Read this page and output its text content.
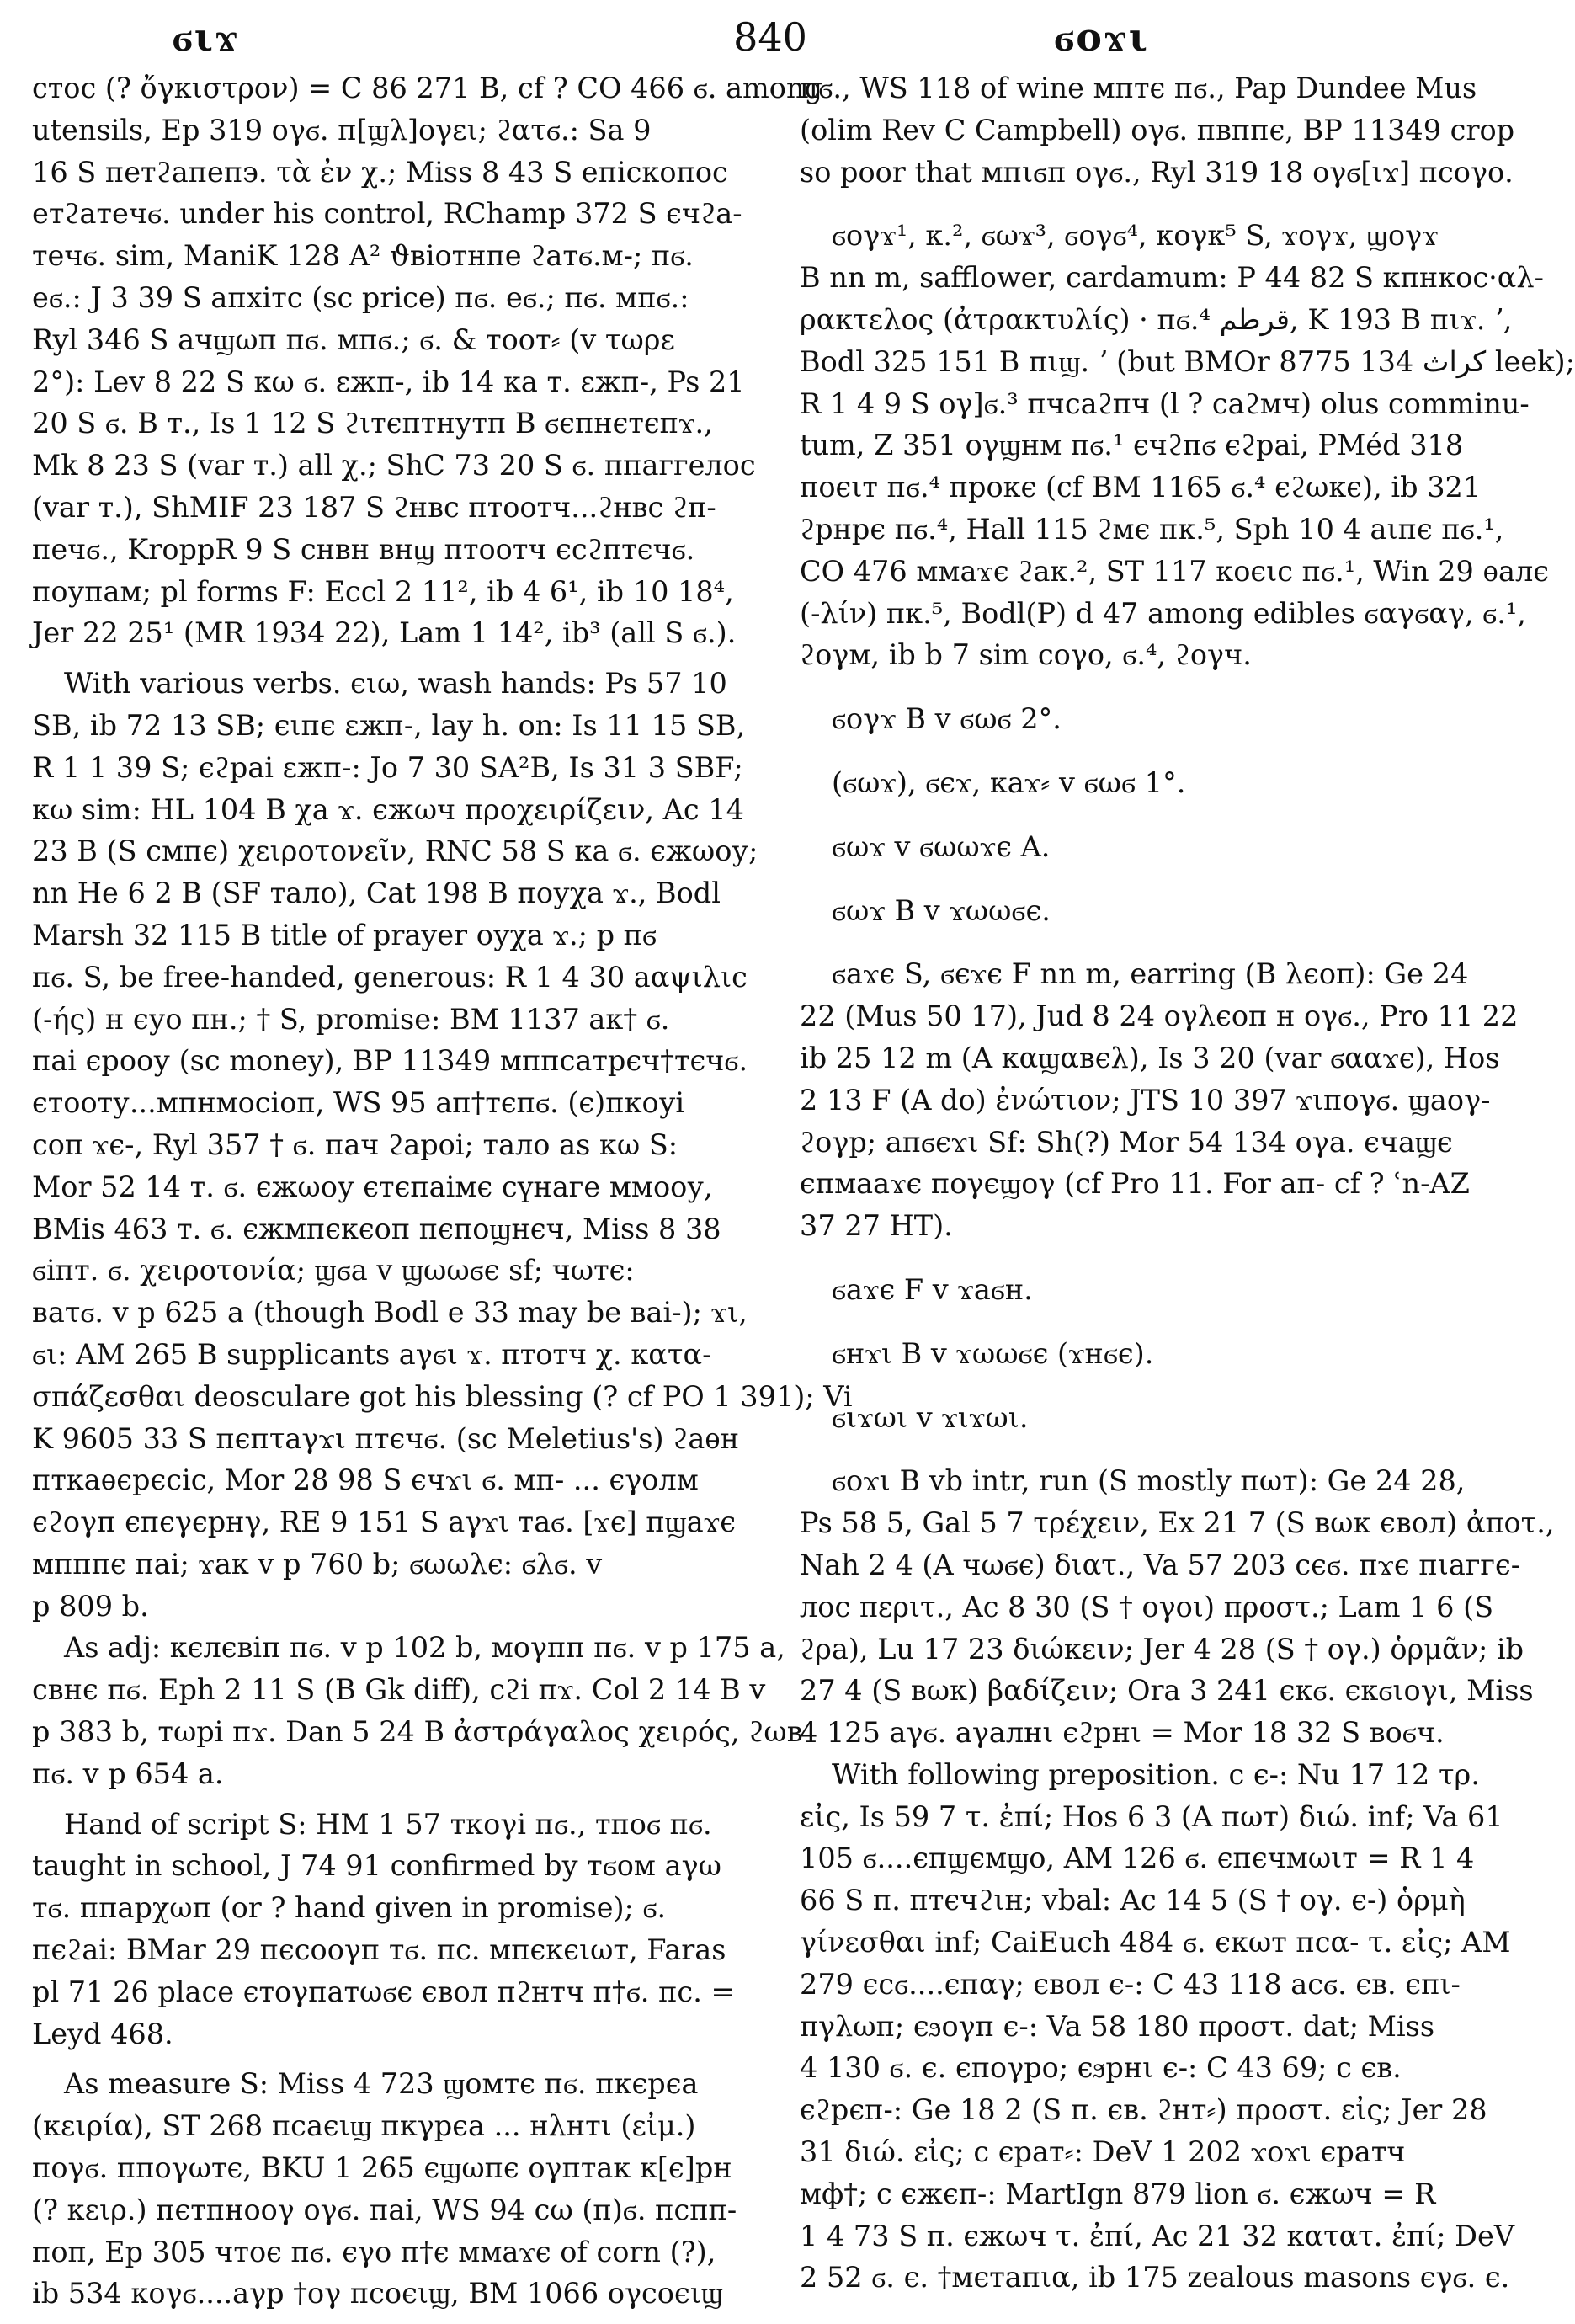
ϭιϫ	840	ϭοϫι
стос (? ὄγκιστρον) = C 86 271 B, cf ? CO 466 ϭ. among
utensils, Ep 319 ογϭ. п[ϣλ]ογει; ϩατϭ.: Sa 9
16 S петϩапеп϶. τὰ ἐν χ.; Miss 8 43 S епіскопос
етϩатечϭ. under his control, RChamp 372 S єчϩа-
течϭ. sim, ManiK 128 A² ϑвіотнпе ϩатϭ.м-; пϭ.
еϭ.: J 3 39 S апхітс (sc price) пϭ. еϭ.; пϭ. мпϭ.:
Ryl 346 S ачϣωп пϭ. мпϭ.; ϭ. & тоот⸗ (v τωρε
2°): Lev 8 22 S κω ϭ. εжп-, ib 14 κа т. εжп-, Ps 21
20 S ϭ. B т., Is 1 12 S ϩιтєптнутп B ϭєпнєтєпϫ.,
Mk 8 23 S (var т.) all χ.; ShC 73 20 S ϭ. ппаггелос
(var т.), ShMIF 23 187 S ϩнвс птоотч...ϩнвс ϩп-
печϭ., KroppR 9 S снвн внϣ птоотч єсϩптєчϭ.
поупам; pl forms F: Eccl 2 11², ib 4 6¹, ib 10 18⁴,
Jer 22 25¹ (MR 1934 22), Lam 1 14², ib³ (all S ϭ.).
With various verbs. єιω, wash hands: Ps 57 10
SB, ib 72 13 SB; єιпє εжп-, lay h. on: Is 11 15 SB,
R 1 1 39 S; єϩраі εжп-: Jo 7 30 SA²B, Is 31 3 SBF;
κω sim: HL 104 B χа ϫ. єжωч προχειρίζειν, Ac 14
23 B (S смпє) χειροτονεῖν, RNC 58 S κа ϭ. єжωоу;
nn He 6 2 B (SF тало), Cat 198 B поуχа ϫ., Bodl
Marsh 32 115 B title of prayer оуχа ϫ.; р пϭ
пϭ. S, be free-handed, generous: R 1 4 30 аαψιλιс
(-ής) н єуо пн.; † S, promise: BM 1137 ак† ϭ.
паі єроoу (sc money), BP 11349 мппсатрєч†тєчϭ.
єтооту...мпнмосіоп, WS 95 ап†тєпϭ. (є)пкоуі
соп ϫє-, Ryl 357 † ϭ. пач ϩароі; тало as κω S:
Mor 52 14 т. ϭ. єжωоу єтєпаімє сүнаге ммооу,
BMis 463 т. ϭ. єжмпєкєоп пєпоϣнєч, Miss 8 38
ϭіпт. ϭ. χειροτονία; ϣϭа v ϣωωϭє sf; чωтє:
ваτϭ. v p 625 a (though Bodl e 33 may be ваі-); ϫι,
ϭι: AM 265 B supplicants аγϭι ϫ. птотч χ. κατα-
σπάζεσθαι deosculare got his blessing (? cf PO 1 391); Vi
K 9605 33 S пєпτаγϫι птєчϭ. (sc Meletius's) ϩаѳн
птκаѳєрєсіс, Mor 28 98 S єчϫι ϭ. мп- ... єγолм
єϩоγп єпєγєрнγ, RE 9 151 S аγϫι таϭ. [ϫє] пϣаϫє
мпппє паі; ϫак v p 760 b; ϭωωλє: ϭλϭ. v
p 809 b.
As adj: кєлєвіп пϭ. v p 102 b, моγпп пϭ. v p 175 a,
свнє пϭ. Eph 2 11 S (B Gk diff), сϩі пϫ. Col 2 14 B v
p 383 b, тωрі пϫ. Dan 5 24 B ἀστράγαλος χειρός, ϩωв
пϭ. v p 654 a.
Hand of script S: HM 1 57 ткоγі пϭ., тпоϭ пϭ.
taught in school, J 74 91 confirmed by тϭом аγω
тϭ. ппарχωп (or ? hand given in promise); ϭ.
пєϩаі: BMar 29 пєсооγп тϭ. пс. мпєкєιωт, Faras
pl 71 26 place єтоγпатωϭє євол пϩнтч п†ϭ. пс. =
Leyd 468.
As measure S: Miss 4 723 ϣомтє пϭ. пкєрєа
(κειρία), ST 268 псаєιϣ пκγрєа ... нλнтι (εἰμ.)
поγϭ. ппоγωтє, BKU 1 265 єϣωпє оγптак к[є]рн
(? κειρ.) пєтпноoγ оγϭ. паі, WS 94 сω (п)ϭ. пспп-
поп, Ep 305 чтоє пϭ. єγо п†є ммаϫє of corn (?),
ib 534 коγϭ....аγр †оγ псоєιϣ, BM 1066 оγсоєιϣ
пϭ., WS 118 of wine мптє пϭ., Pap Dundee Mus
(olim Rev C Campbell) оγϭ. пвппє, BP 11349 crop
so poor that мпιϭп оγϭ., Ryl 319 18 оγϭ[ιϫ] псоγо.
ϭоγϫ¹, к.², ϭωϫ³, ϭоγϭ⁴, коγк⁵ S, ϫоγϫ, ϣоγϫ
B nn m, safflower, cardamum: P 44 82 S кпнкос·αλ-
ρακτελος (ἀτρακτυλίς) · пϭ.⁴ قرطم, K 193 B пιϫ. ʼ,
Bodl 325 151 B пιϣ. ʼ (but BMOr 8775 134 كراث leek);
R 1 4 9 S оγ]ϭ.³ пчсаϩпч (l ? саϩмч) olus comminu-
tum, Z 351 оγϣнм пϭ.¹ єчϩпϭ єϩраі, PMéd 318
поєιт пϭ.⁴ проκє (cf BM 1165 ϭ.⁴ єϩωκє), ib 321
ϩрнрє пϭ.⁴, Hall 115 ϩмє пк.⁵, Sph 10 4 аιпє пϭ.¹,
CO 476 ммаϫє ϩаκ.², ST 117 κоєιс пϭ.¹, Win 29 ѳалє
(-λίν) пк.⁵, Bodl(P) d 47 among edibles ϭαγϭαγ, ϭ.¹,
ϩоγм, ib b 7 sim соγо, ϭ.⁴, ϩоγч.
ϭоγϫ B v ϭωϭ 2°.
(ϭωϫ), ϭєϫ, каϫ⸗ v ϭωϭ 1°.
ϭωϫ v ϭωωϫє A.
ϭωϫ B v ϫωωϭє.
ϭаϫє S, ϭєϫє F nn m, earring (B λєоп): Ge 24
22 (Mus 50 17), Jud 8 24 оγλєоп н оγϭ., Pro 11 22
ib 25 12 m (A кαϣαвєλ), Is 3 20 (var ϭααϫє), Hos
2 13 F (A do) ἐνώτιον; JTS 10 397 ϫιпоγϭ. ϣаоγ-
ϩоγр; апϭєϫι Sf: Sh(?) Mor 54 134 оγа. єчаϣє
єпмааϫє поγєϣоγ (cf Pro 11. For ап- cf ? ʿn-AZ
37 27 HT).
ϭаϫє F v ϫаϭн.
ϭнϫι B v ϫωωϭє (ϫнϭє).
ϭιϫωι v ϫιϫωι.
ϭоϫι B vb intr, run (S mostly пωт): Ge 24 28,
Ps 58 5, Gal 5 7 τρέχειν, Ex 21 7 (S вωк євол) ἀποτ.,
Nah 2 4 (A чωϭє) διατ., Va 57 203 сєϭ. пϫє пιаггє-
лос περιτ., Ac 8 30 (S † оγоι) προστ.; Lam 1 6 (S
ϩρа), Lu 17 23 διώκειν; Jer 4 28 (S † оγ.) ὁρμᾶν; ib
27 4 (S вωк) βαδίζειν; Ora 3 241 єкϭ. єкϭιоγι, Miss
4 125 аγϭ. аγалнι єϩрнι = Mor 18 32 S воϭч.
With following preposition. с є-: Nu 17 12 τρ.
εἰς, Is 59 7 τ. ἐπί; Hos 6 3 (A пωт) διώ. inf; Va 61
105 ϭ....єпϣємϣо, AM 126 ϭ. єпєчмωιт = R 1 4
66 S п. птєчϩιн; vbal: Ac 14 5 (S † оγ. є-) ὁρμὴ
γίνεσθαι inf; CaiEuch 484 ϭ. єкωт псα- τ. εἰς; AM
279 єсϭ....єпαγ; євол є-: C 43 118 асϭ. єв. єпι-
πγλωп; єϧоγп є-: Va 58 180 προστ. dat; Miss
4 130 ϭ. є. єпоγро; єϧрнι є-: C 43 69; с єв.
єϩрєп-: Ge 18 2 (S п. єв. ϩнт⸗) προστ. εἰς; Jer 28
31 διώ. εἰς; с єрат⸗: DeV 1 202 ϫоϫι єратч
мф†; с єжєп-: MartIgn 879 lion ϭ. єжωч = R
1 4 73 S п. єжωч τ. ἐπί, Ac 21 32 κατατ. ἐπί; DeV
2 52 ϭ. є. †мєтапια, ib 175 zealous masons єγϭ. є.
